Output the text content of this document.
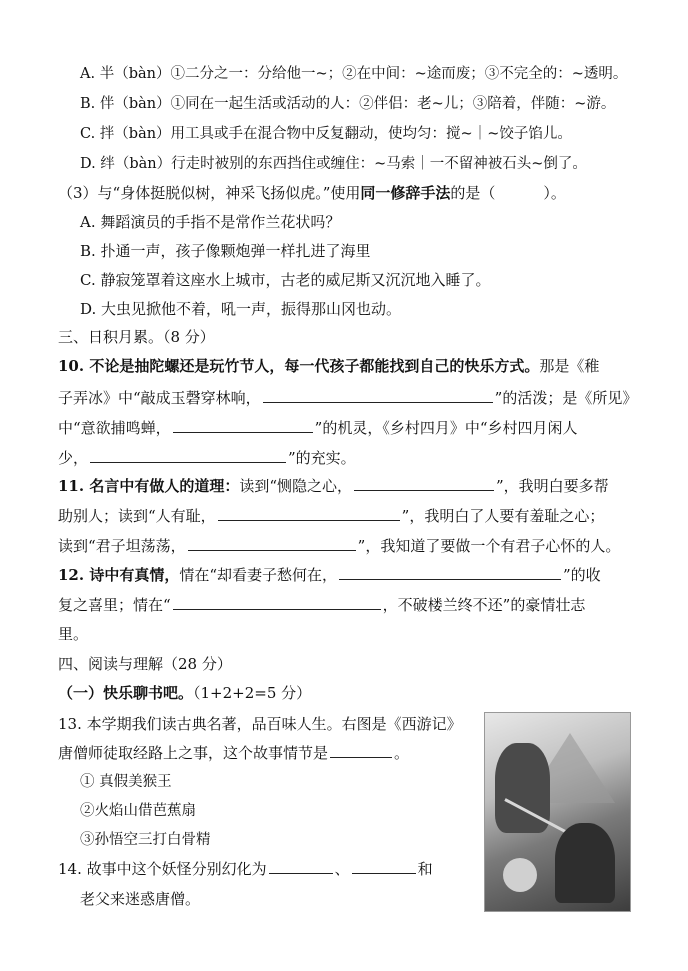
A. 半（bàn）①二分之一：分给他一~；②在中间：~途而废；③不完全的：~透明。
B. 伴（bàn）①同在一起生活或活动的人：②伴侣：老~儿；③陪着，伴随：~游。
C. 拌（bàn）用工具或手在混合物中反复翻动，使均匀：搅~｜~饺子馅儿。
D. 绊（bàn）行走时被别的东西挡住或缠住：~马索｜一不留神被石头~倒了。
（3）与“身体挺脱似树，神采飞扬似虎。”使用同一修辞手法的是（	）。
A. 舞蹈演员的手指不是常作兰花状吗？
B. 扑通一声，孩子像颗炮弹一样扎进了海里
C. 静寂笼罩着这座水上城市，古老的威尼斯又沉沉地入睡了。
D. 大虫见掀他不着，吼一声，振得那山冈也动。
三、日积月累。（8 分）
10. 不论是抽陀螺还是玩竹节人，每一代孩子都能找到自己的快乐方式。那是《稚
子弄冰》中“敲成玉磬穿林响，	”的活泼；是《所见》
中“意欲捕鸣蝉，	”的机灵，《乡村四月》中“乡村四月闲人
少，	”的充实。
11. 名言中有做人的道理：读到“恻隐之心，	”，我明白要多帮
助别人；读到“人有耻，	”，我明白了人要有羞耻之心；
读到“君子坦荡荡，	”，我知道了要做一个有君子心怀的人。
12. 诗中有真情，情在“却看妻子愁何在，	”的收
复之喜里；情在“	，不破楼兰终不还”的豪情壮志
里。
四、阅读与理解（28 分）
（一）快乐聊书吧。（1+2+2=5 分）
13. 本学期我们读古典名著，品百味人生。右图是《西游记》
唐僧师徒取经路上之事，这个故事情节是	。
① 真假美猴王
②火焰山借芭蕉扇
③孙悟空三打白骨精
14. 故事中这个妖怪分别幻化为	、	和
老父来迷惑唐僧。
